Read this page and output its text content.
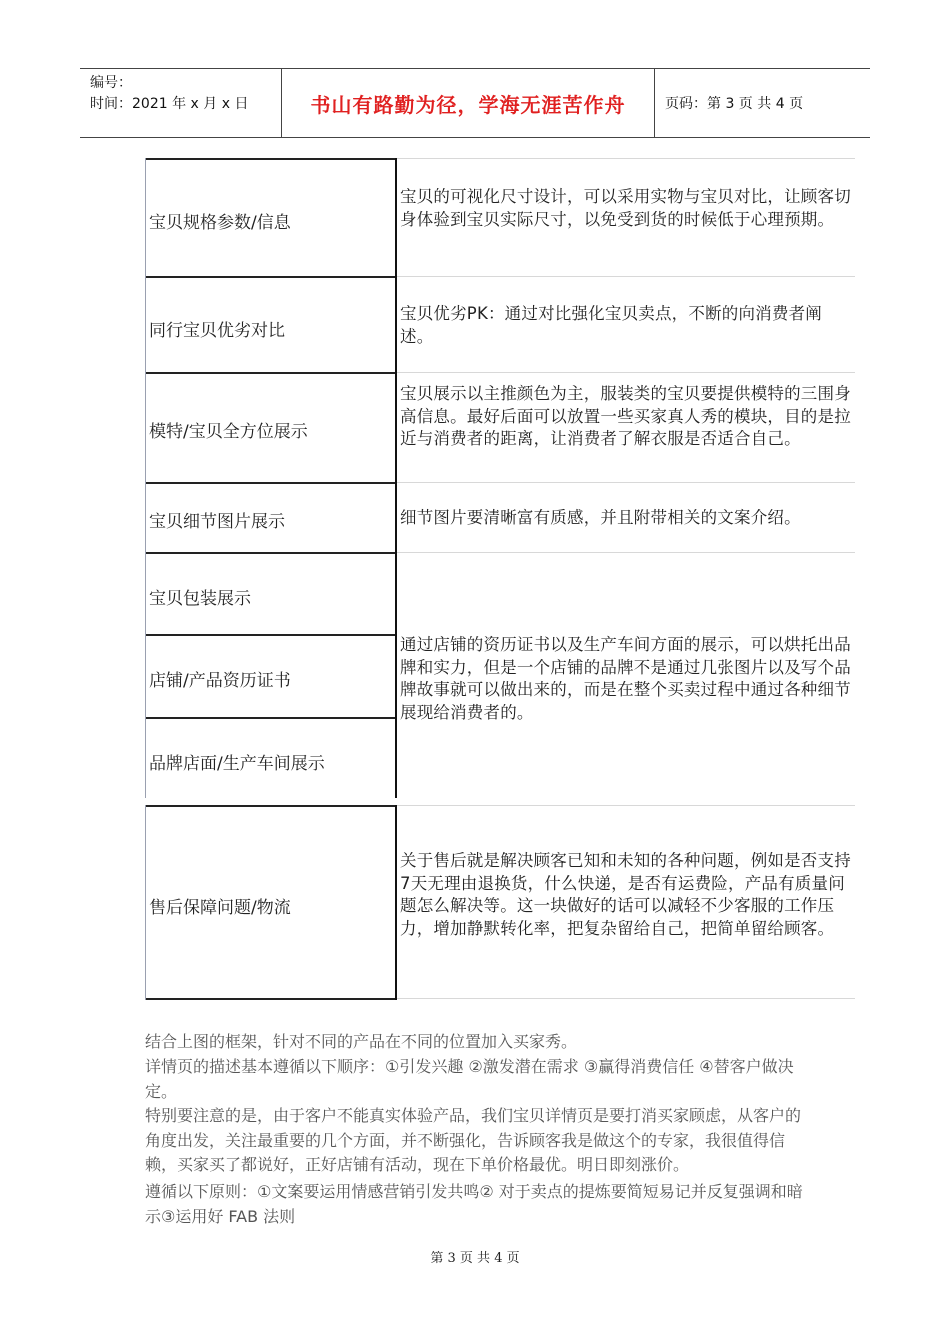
编号：
时间：2021 年 x 月 x 日	书山有路勤为径，学海无涯苦作舟	页码：第 3 页 共 4 页
宝贝规格参数/信息
同行宝贝优劣对比
模特/宝贝全方位展示
宝贝细节图片展示
宝贝包装展示
店铺/产品资历证书
品牌店面/生产车间展示
售后保障问题/物流
宝贝的可视化尺寸设计，可以采用实物与宝贝对比，让顾客切身体验到宝贝实际尺寸，以免受到货的时候低于心理预期。
宝贝优劣PK：通过对比强化宝贝卖点，不断的向消费者阐述。
宝贝展示以主推颜色为主，服装类的宝贝要提供模特的三围身高信息。最好后面可以放置一些买家真人秀的模块，目的是拉近与消费者的距离，让消费者了解衣服是否适合自己。
细节图片要清晰富有质感，并且附带相关的文案介绍。
通过店铺的资历证书以及生产车间方面的展示，可以烘托出品牌和实力，但是一个店铺的品牌不是通过几张图片以及写个品牌故事就可以做出来的，而是在整个买卖过程中通过各种细节展现给消费者的。
关于售后就是解决顾客已知和未知的各种问题，例如是否支持7天无理由退换货，什么快递，是否有运费险，产品有质量问题怎么解决等。这一块做好的话可以减轻不少客服的工作压力，增加静默转化率，把复杂留给自己，把简单留给顾客。
结合上图的框架，针对不同的产品在不同的位置加入买家秀。
详情页的描述基本遵循以下顺序：①引发兴趣 ②激发潜在需求 ③赢得消费信任 ④替客户做决定。
特别要注意的是，由于客户不能真实体验产品，我们宝贝详情页是要打消买家顾虑，从客户的角度出发，关注最重要的几个方面，并不断强化，告诉顾客我是做这个的专家，我很值得信赖，买家买了都说好，正好店铺有活动，现在下单价格最优。明日即刻涨价。
遵循以下原则：①文案要运用情感营销引发共鸣② 对于卖点的提炼要简短易记并反复强调和暗示③运用好 FAB 法则
第 3 页 共 4 页
